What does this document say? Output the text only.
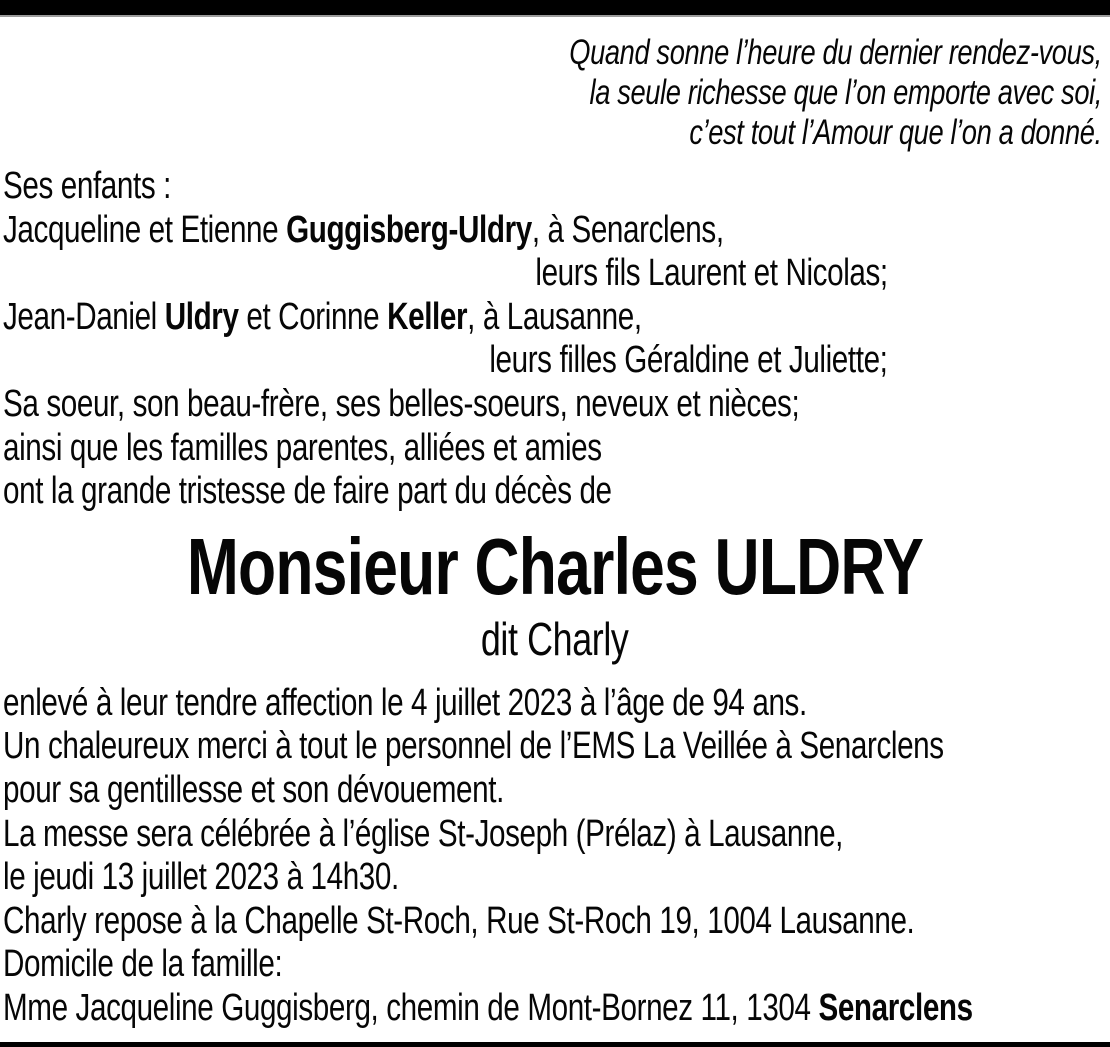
Quand sonne l’heure du dernier rendez-vous,
la seule richesse que l’on emporte avec soi,
c’est tout l’Amour que l’on a donné.
Ses enfants :
Jacqueline et Etienne Guggisberg-Uldry, à Senarclens,
leurs fils Laurent et Nicolas;
Jean-Daniel Uldry et Corinne Keller, à Lausanne,
leurs filles Géraldine et Juliette;
Sa soeur, son beau-frère, ses belles-soeurs, neveux et nièces;
ainsi que les familles parentes, alliées et amies
ont la grande tristesse de faire part du décès de
Monsieur Charles ULDRY
dit Charly
enlevé à leur tendre affection le 4 juillet 2023 à l’âge de 94 ans.
Un chaleureux merci à tout le personnel de l’EMS La Veillée à Senarclens
pour sa gentillesse et son dévouement.
La messe sera célébrée à l’église St-Joseph (Prélaz) à Lausanne,
le jeudi 13 juillet 2023 à 14h30.
Charly repose à la Chapelle St-Roch, Rue St-Roch 19, 1004 Lausanne.
Domicile de la famille:
Mme Jacqueline Guggisberg, chemin de Mont-Bornez 11, 1304 Senarclens
